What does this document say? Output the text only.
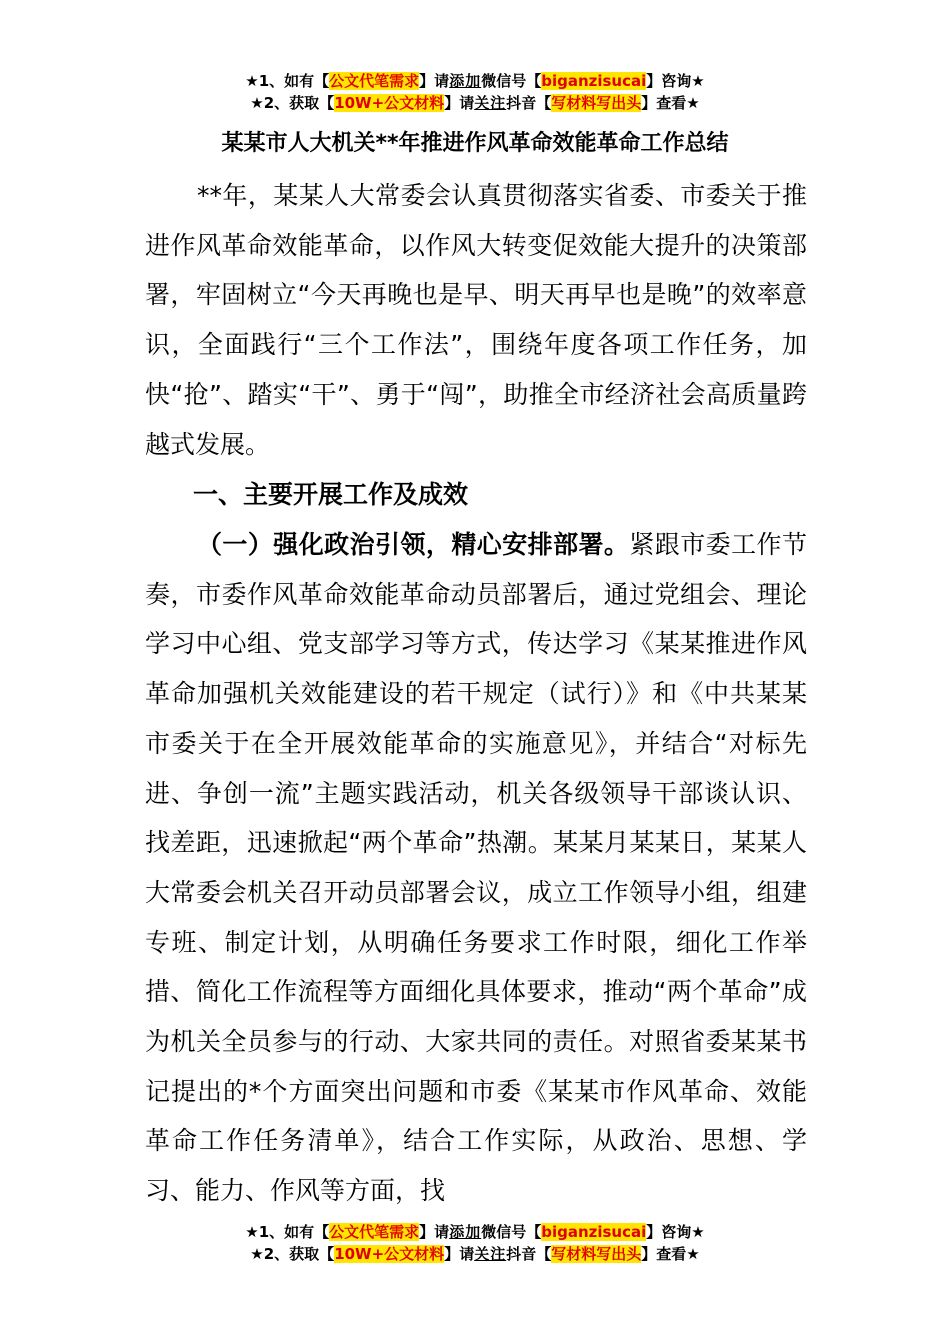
★1、如有【公文代笔需求】请添加微信号【biganzisucai】咨询★
★2、获取【10W+公文材料】请关注抖音【写材料写出头】查看★
某某市人大机关**年推进作风革命效能革命工作总结

**年，某某人大常委会认真贯彻落实省委、市委关于推进作风革命效能革命，以作风大转变促效能大提升的决策部署，牢固树立“今天再晚也是早、明天再早也是晚”的效率意识，全面践行“三个工作法”，围绕年度各项工作任务，加快“抢”、踏实“干”、勇于“闯”，助推全市经济社会高质量跨越式发展。

一、主要开展工作及成效

（一）强化政治引领，精心安排部署。紧跟市委工作节奏，市委作风革命效能革命动员部署后，通过党组会、理论学习中心组、党支部学习等方式，传达学习《某某推进作风革命加强机关效能建设的若干规定（试行）》和《中共某某市委关于在全开展效能革命的实施意见》，并结合“对标先进、争创一流”主题实践活动，机关各级领导干部谈认识、找差距，迅速掀起“两个革命”热潮。某某月某某日，某某人大常委会机关召开动员部署会议，成立工作领导小组，组建专班、制定计划，从明确任务要求工作时限，细化工作举措、简化工作流程等方面细化具体要求，推动“两个革命”成为机关全员参与的行动、大家共同的责任。对照省委某某书记提出的*个方面突出问题和市委《某某市作风革命、效能革命工作任务清单》，结合工作实际，从政治、思想、学习、能力、作风等方面，找

★1、如有【公文代笔需求】请添加微信号【biganzisucai】咨询★
★2、获取【10W+公文材料】请关注抖音【写材料写出头】查看★
